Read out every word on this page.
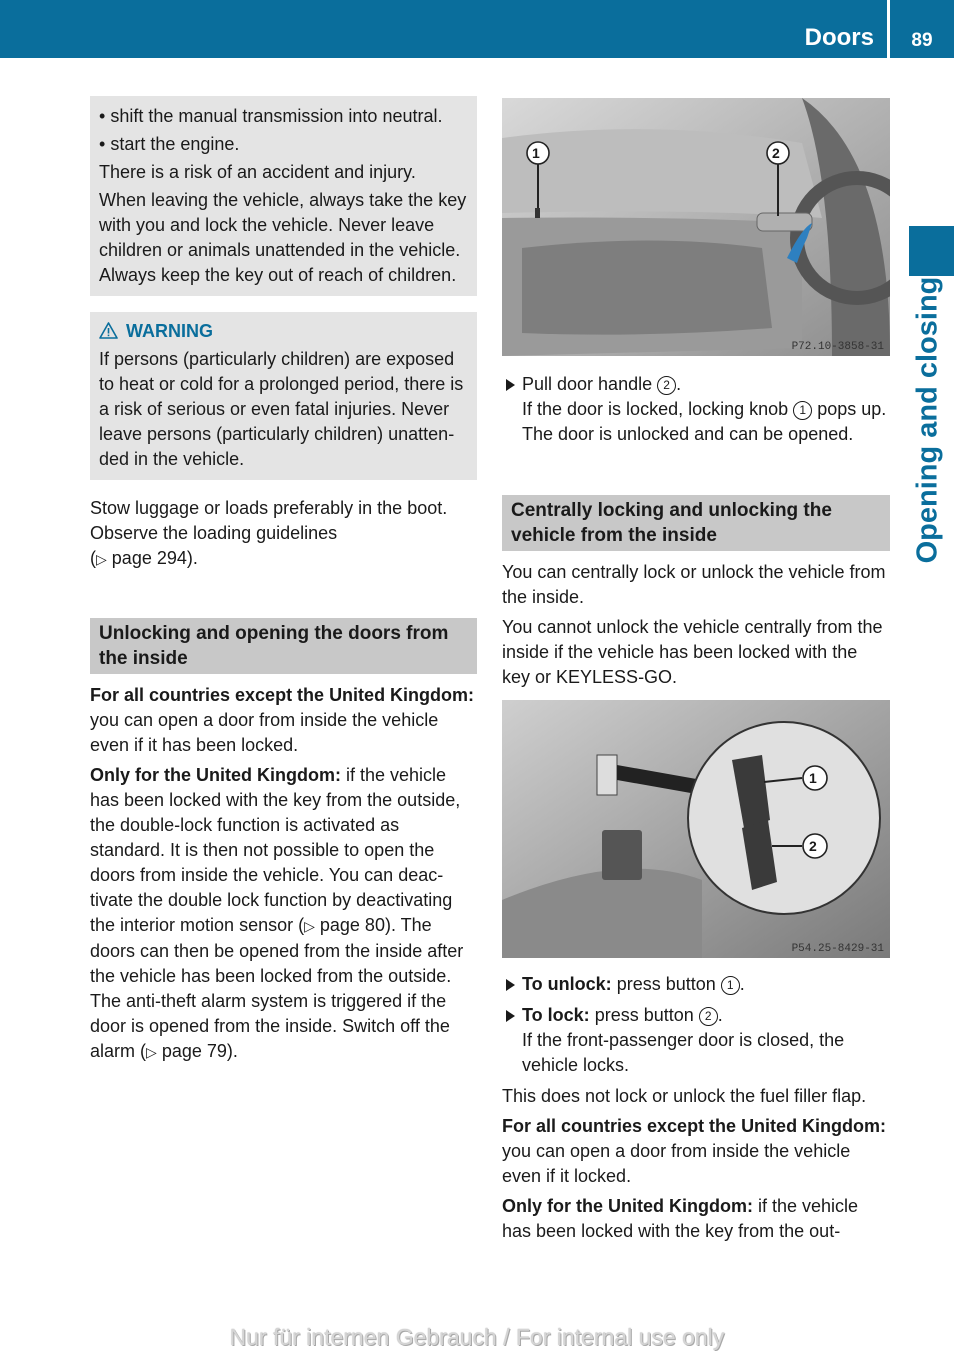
Doors	89
Opening and closing

• shift the manual transmission into neutral.

• start the engine.

There is a risk of an accident and injury.

When leaving the vehicle, always take the key with you and lock the vehicle. Never leave children or animals unattended in the vehicle. Always keep the key out of reach of children.

WARNING

If persons (particularly children) are exposed to heat or cold for a prolonged period, there is a risk of serious or even fatal injuries. Never leave persons (particularly children) unattended in the vehicle.

Stow luggage or loads preferably in the boot. Observe the loading guidelines
(▷ page 294).

Unlocking and opening the doors from the inside

For all countries except the United Kingdom: you can open a door from inside the vehicle even if it has been locked.

Only for the United Kingdom: if the vehicle has been locked with the key from the outside, the double-lock function is activated as standard. It is then not possible to open the doors from inside the vehicle. You can deactivate the double lock function by deactivating the interior motion sensor (▷ page 80). The doors can then be opened from the inside after the vehicle has been locked from the outside. The anti-theft alarm system is triggered if the door is opened from the inside. Switch off the alarm (▷ page 79).

1	2
P72.10-3858-31
Pull door handle 2 .
If the door is locked, locking knob 1 pops up. The door is unlocked and can be opened.
Centrally locking and unlocking the vehicle from the inside

You can centrally lock or unlock the vehicle from the inside.

You cannot unlock the vehicle centrally from the inside if the vehicle has been locked with the key or KEYLESS-GO.

1
2
P54.25-8429-31
To unlock: press button 1 .
To lock: press button 2 .
If the front-passenger door is closed, the vehicle locks.

This does not lock or unlock the fuel filler flap.

For all countries except the United Kingdom: you can open a door from inside the vehicle even if it locked.

Only for the United Kingdom: if the vehicle has been locked with the key from the out-

Nur für internen Gebrauch / For internal use only
